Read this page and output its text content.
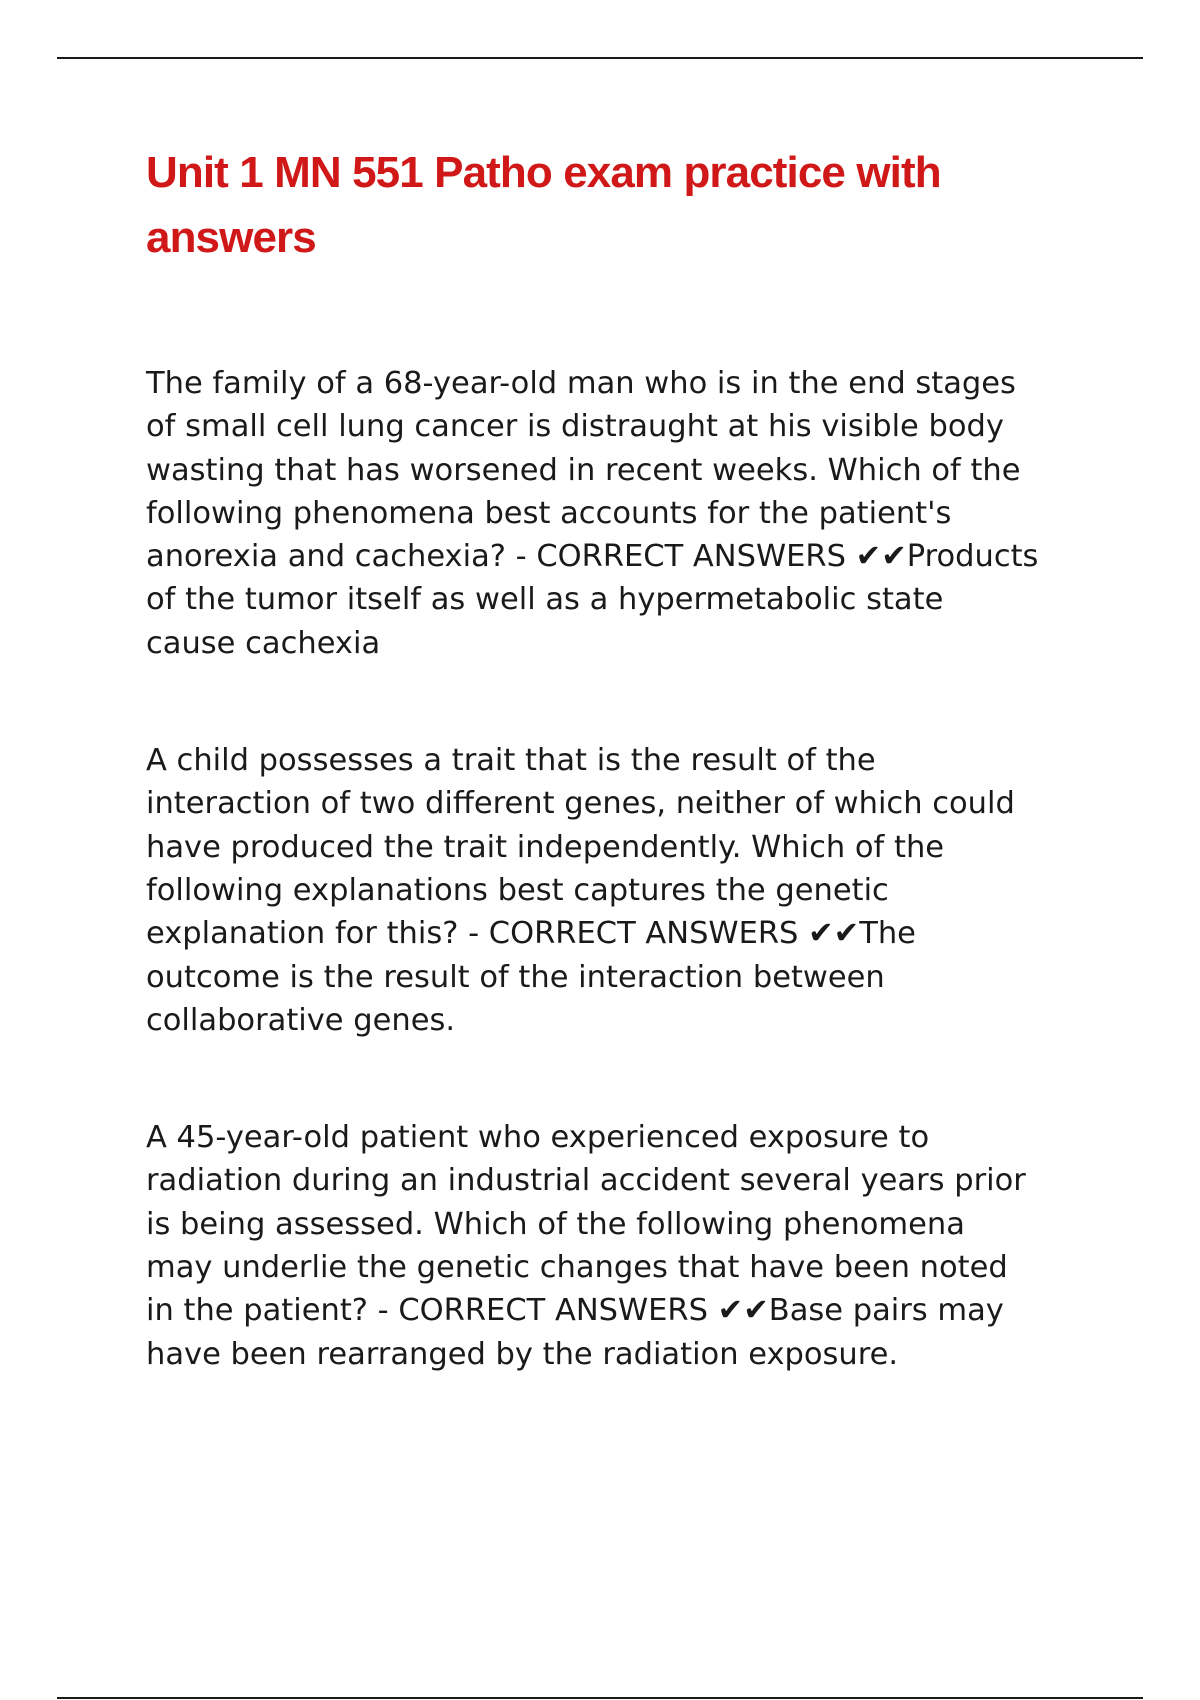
Unit 1 MN 551 Patho exam practice with answers

The family of a 68-year-old man who is in the end stages
of small cell lung cancer is distraught at his visible body
wasting that has worsened in recent weeks. Which of the
following phenomena best accounts for the patient's
anorexia and cachexia? - CORRECT ANSWERS ✔✔Products
of the tumor itself as well as a hypermetabolic state
cause cachexia

A child possesses a trait that is the result of the
interaction of two different genes, neither of which could
have produced the trait independently. Which of the
following explanations best captures the genetic
explanation for this? - CORRECT ANSWERS ✔✔The
outcome is the result of the interaction between
collaborative genes.

A 45-year-old patient who experienced exposure to
radiation during an industrial accident several years prior
is being assessed. Which of the following phenomena
may underlie the genetic changes that have been noted
in the patient? - CORRECT ANSWERS ✔✔Base pairs may
have been rearranged by the radiation exposure.
